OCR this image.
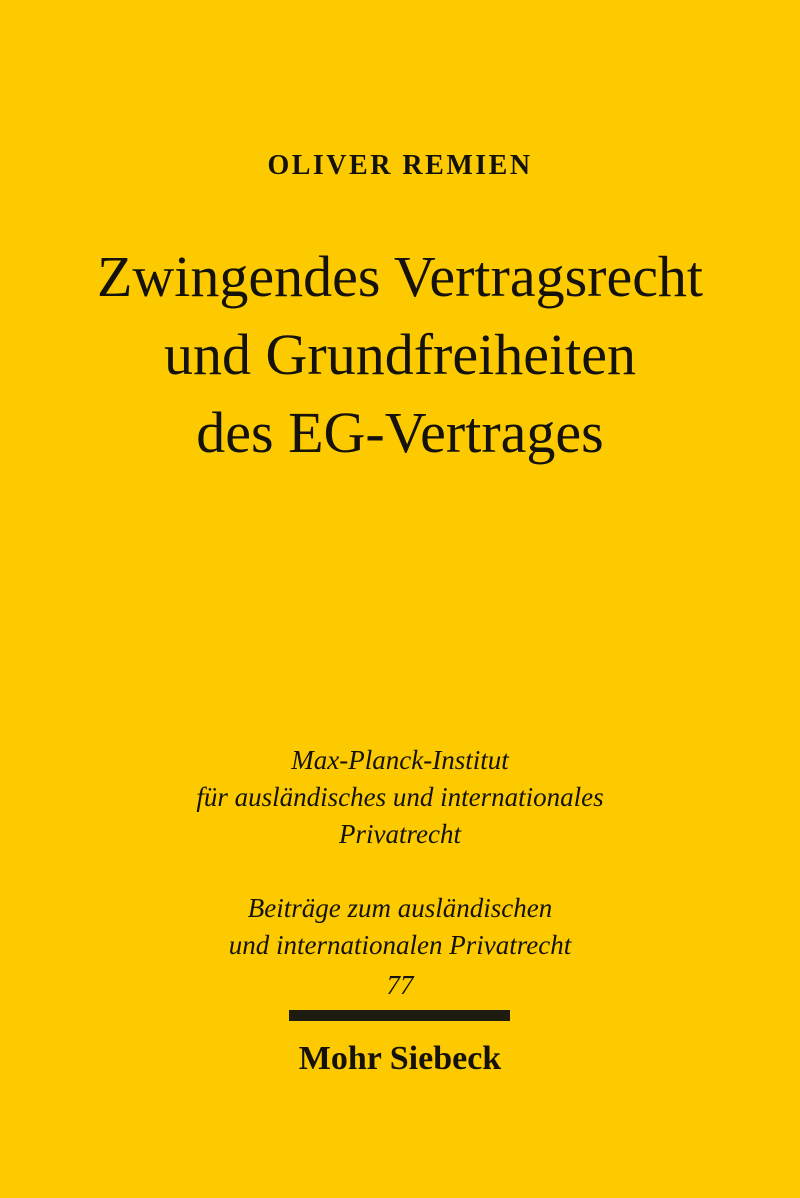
OLIVER REMIEN
Zwingendes Vertragsrecht
und Grundfreiheiten
des EG-Vertrages
Max-Planck-Institut
für ausländisches und internationales
Privatrecht
Beiträge zum ausländischen
und internationalen Privatrecht
77
Mohr Siebeck
